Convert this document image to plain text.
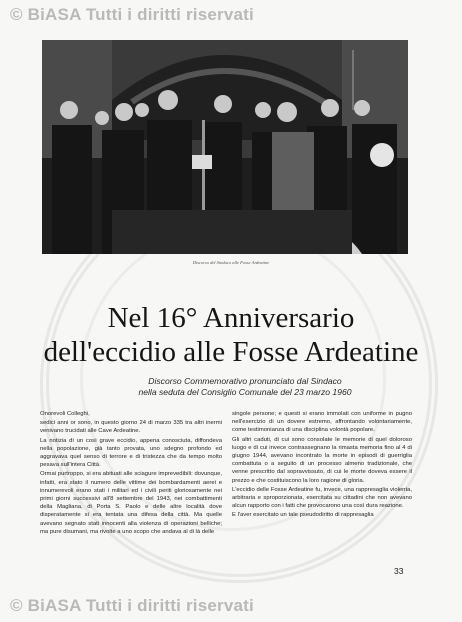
© BiASA Tutti i diritti riservati
Discorso del Sindaco alle Fosse Ardeatine
Nel 16° Anniversario
dell'eccidio alle Fosse Ardeatine
Discorso Commemorativo pronunciato dal Sindaco
nella seduta del Consiglio Comunale del 23 marzo 1960

Onorevoli Colleghi,

sedici anni or sono, in questo giorno 24 di marzo 335 tra altri inermi venivano trucidati alle Cave Ardeatine.

La notizia di un così grave eccidio, appena conosciuta, diffondeva nella popolazione, già tanto provata, uno sdegno profondo ed aggravava quel senso di terrore e di tristezza che da tempo molto pesava sull'intera Città.

Ormai purtroppo, si era abituati alle sciagure imprevedibili: dovunque, infatti, era stato il numero delle vittime dei bombardamenti aerei e innumerevoli erano stati i militari ed i civili periti gloriosamente nei primi giorni successivi all'8 settembre del 1943, nei combattimenti della Magliana, di Porta S. Paolo e delle altre località dove disperatamente si era tentata una difesa della città. Ma quelle avevano segnato stati innocenti alla violenza di operazioni belliche; ma pure disumani, ma rivolte a uno scopo che andava al di là delle

singole persone; e questi si erano immolati con uniforme in pugno nell'esercizio di un dovere estremo, affrontando volontariamente, come testimonianza di una disciplina volontà popolare.

Gli altri caduti, di cui sono consolate le memorie di quel doloroso luogo e di cui invece contrassegnano la rimasta memoria fino al 4 di giugno 1944, avevano incontrato la morte in episodi di guerriglia combattuta o a seguito di un processo almeno tradizionale, che venne prescritto dal sopravvissuto, di cui le morte doveva essere il prezzo e che costituiscono la loro ragione di gloria.

L'eccidio delle Fosse Ardeatine fu, invece, una rappresaglia violenta, arbitraria e sproporzionata, esercitata su cittadini che non avevano alcun rapporto con i fatti che provocarono una così dura reazione.

E l'aver esercitato un tale pseudodiritto di rappresaglia

33
© BiASA Tutti i diritti riservati
